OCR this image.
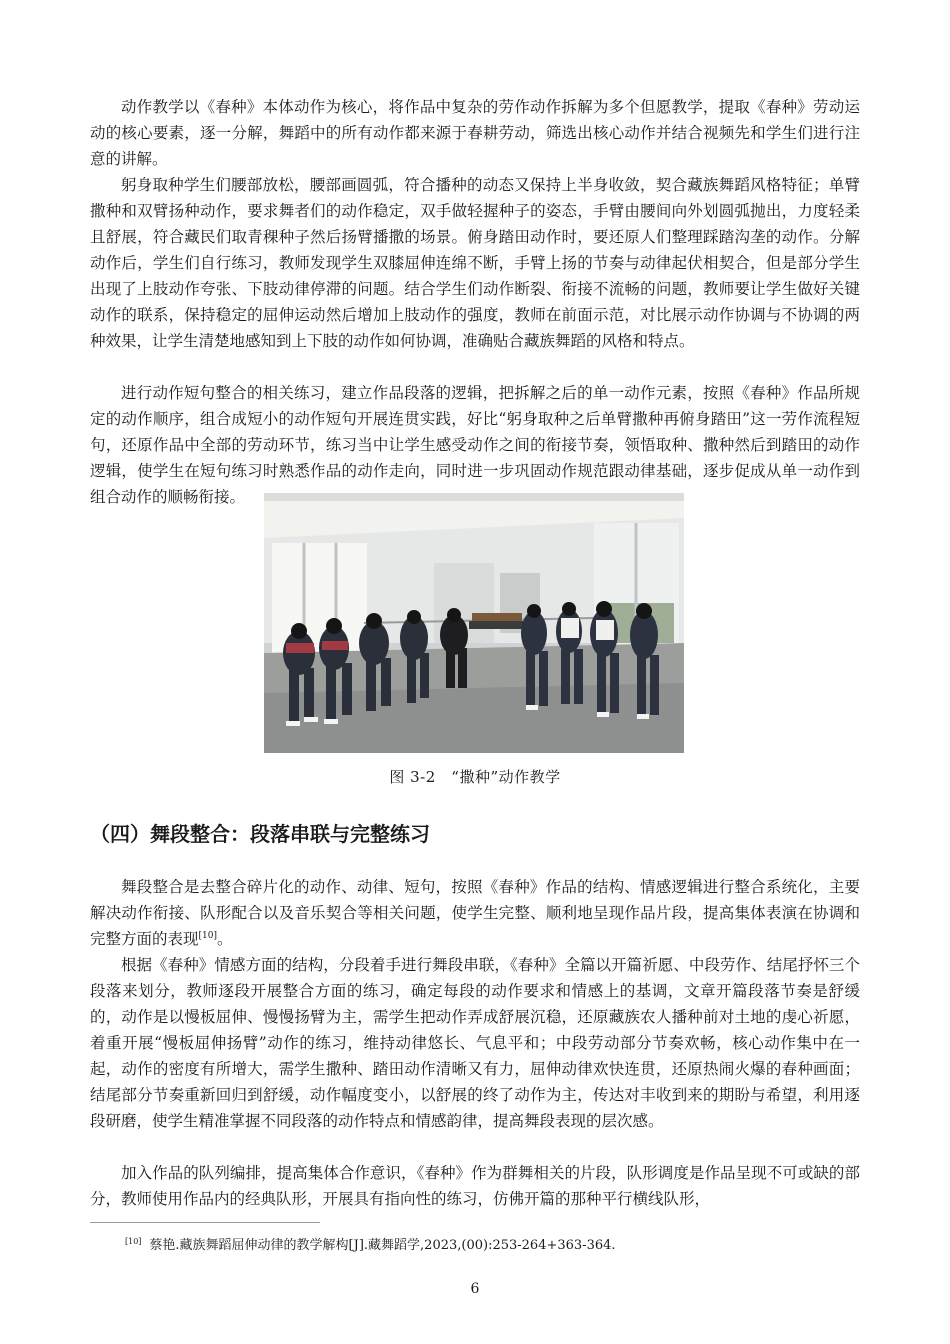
动作教学以《春种》本体动作为核心，将作品中复杂的劳作动作拆解为多个但愿教学，提取《春种》劳动运动的核心要素，逐一分解，舞蹈中的所有动作都来源于春耕劳动，筛选出核心动作并结合视频先和学生们进行注意的讲解。

躬身取种学生们腰部放松，腰部画圆弧，符合播种的动态又保持上半身收敛，契合藏族舞蹈风格特征；单臂撒种和双臂扬种动作，要求舞者们的动作稳定，双手做轻握种子的姿态，手臂由腰间向外划圆弧抛出，力度轻柔且舒展，符合藏民们取青稞种子然后扬臂播撒的场景。俯身踏田动作时，要还原人们整理踩踏沟垄的动作。分解动作后，学生们自行练习，教师发现学生双膝屈伸连绵不断，手臂上扬的节奏与动律起伏相契合，但是部分学生出现了上肢动作夸张、下肢动律停滞的问题。结合学生们动作断裂、衔接不流畅的问题，教师要让学生做好关键动作的联系，保持稳定的屈伸运动然后增加上肢动作的强度，教师在前面示范，对比展示动作协调与不协调的两种效果，让学生清楚地感知到上下肢的动作如何协调，准确贴合藏族舞蹈的风格和特点。

进行动作短句整合的相关练习，建立作品段落的逻辑，把拆解之后的单一动作元素，按照《春种》作品所规定的动作顺序，组合成短小的动作短句开展连贯实践，好比“躬身取种之后单臂撒种再俯身踏田”这一劳作流程短句，还原作品中全部的劳动环节，练习当中让学生感受动作之间的衔接节奏，领悟取种、撒种然后到踏田的动作逻辑，使学生在短句练习时熟悉作品的动作走向，同时进一步巩固动作规范跟动律基础，逐步促成从单一动作到组合动作的顺畅衔接。

图 3-2　“撒种”动作教学

（四）舞段整合：段落串联与完整练习

舞段整合是去整合碎片化的动作、动律、短句，按照《春种》作品的结构、情感逻辑进行整合系统化，主要解决动作衔接、队形配合以及音乐契合等相关问题，使学生完整、顺利地呈现作品片段，提高集体表演在协调和完整方面的表现[10]。

根据《春种》情感方面的结构，分段着手进行舞段串联，《春种》全篇以开篇祈愿、中段劳作、结尾抒怀三个段落来划分，教师逐段开展整合方面的练习，确定每段的动作要求和情感上的基调，文章开篇段落节奏是舒缓的，动作是以慢板屈伸、慢慢扬臂为主，需学生把动作弄成舒展沉稳，还原藏族农人播种前对土地的虔心祈愿，着重开展“慢板屈伸扬臂”动作的练习，维持动律悠长、气息平和；中段劳动部分节奏欢畅，核心动作集中在一起，动作的密度有所增大，需学生撒种、踏田动作清晰又有力，屈伸动律欢快连贯，还原热闹火爆的春种画面；结尾部分节奏重新回归到舒缓，动作幅度变小，以舒展的终了动作为主，传达对丰收到来的期盼与希望，利用逐段研磨，使学生精准掌握不同段落的动作特点和情感韵律，提高舞段表现的层次感。

加入作品的队列编排，提高集体合作意识，《春种》作为群舞相关的片段，队形调度是作品呈现不可或缺的部分，教师使用作品内的经典队形，开展具有指向性的练习，仿佛开篇的那种平行横线队形，

[10] 蔡艳.藏族舞蹈屈伸动律的教学解构[J].藏舞蹈学,2023,(00):253-264+363-364.

6
